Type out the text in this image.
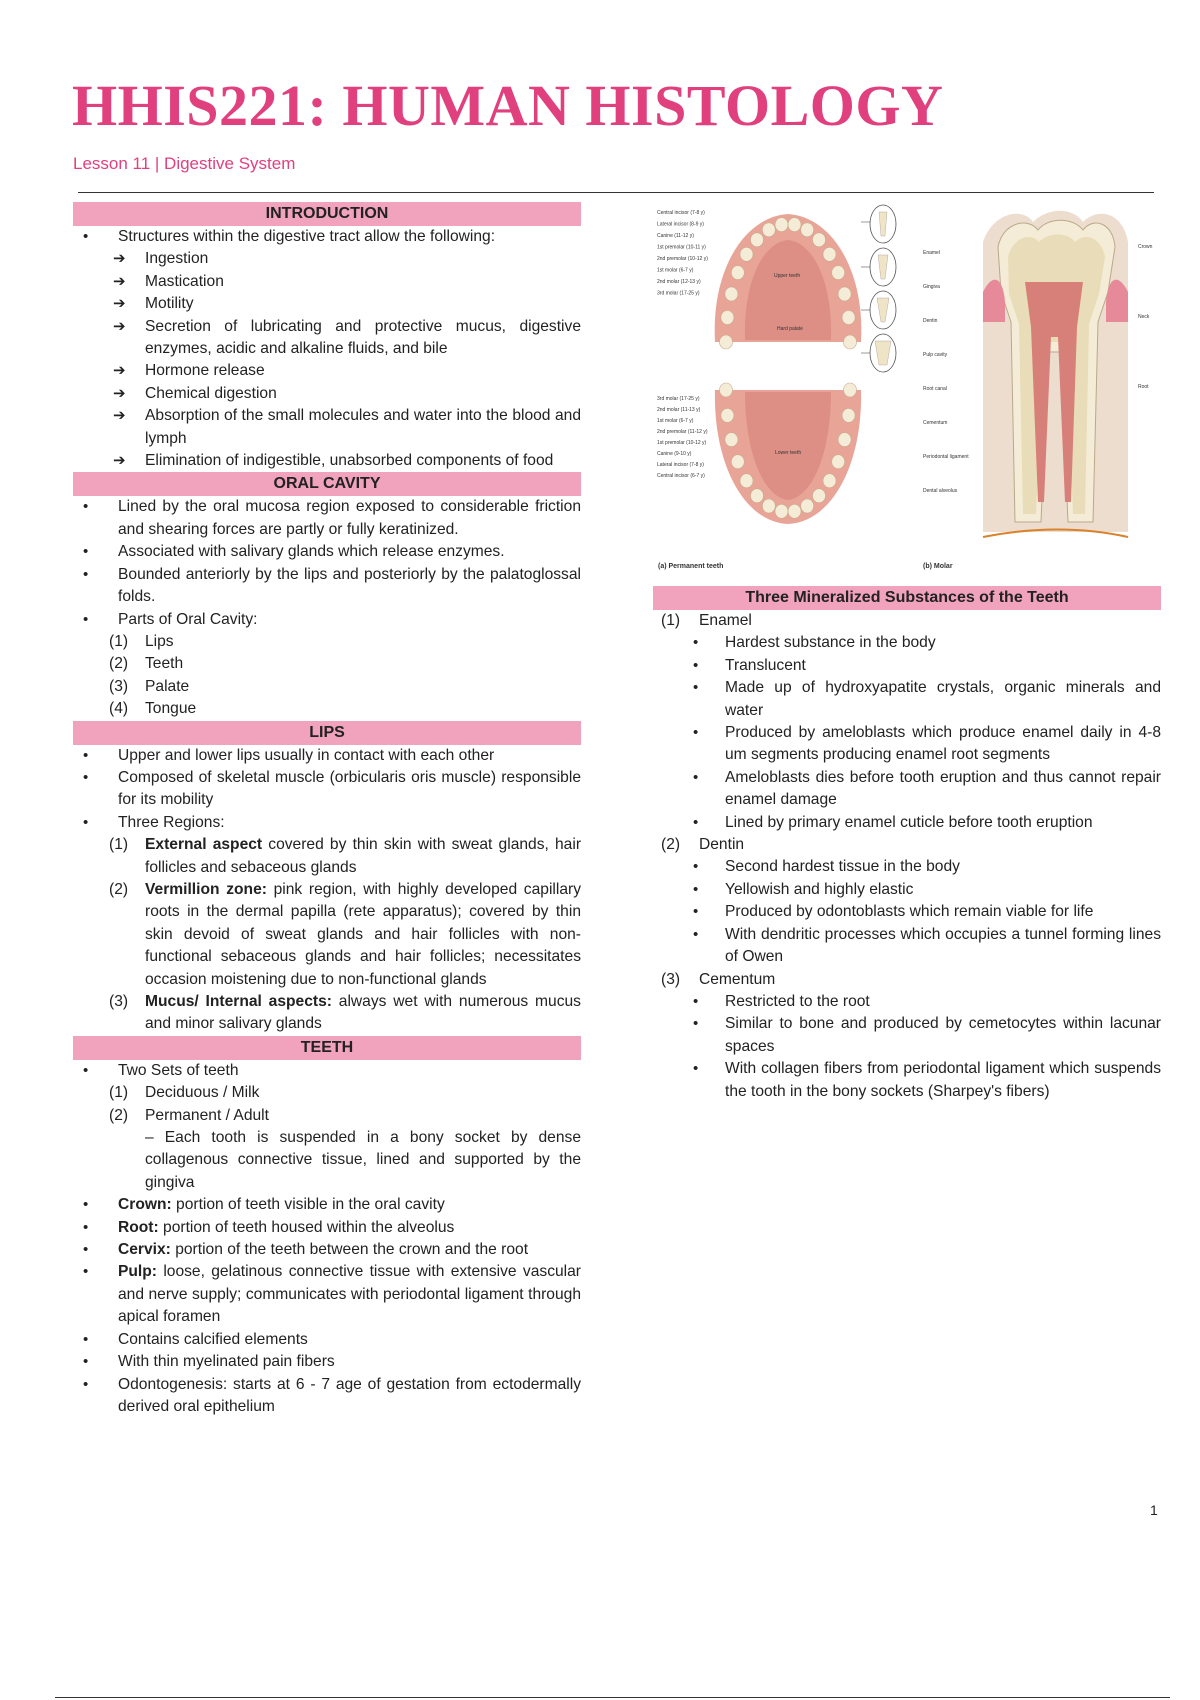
HHIS221: HUMAN HISTOLOGY
Lesson 11 | Digestive System
INTRODUCTION
• Structures within the digestive tract allow the following:
➔ Ingestion
➔ Mastication
➔ Motility
➔ Secretion of lubricating and protective mucus, digestive enzymes, acidic and alkaline fluids, and bile
➔ Hormone release
➔ Chemical digestion
➔ Absorption of the small molecules and water into the blood and lymph
➔ Elimination of indigestible, unabsorbed components of food
ORAL CAVITY
• Lined by the oral mucosa region exposed to considerable friction and shearing forces are partly or fully keratinized.
• Associated with salivary glands which release enzymes.
• Bounded anteriorly by the lips and posteriorly by the palatoglossal folds.
• Parts of Oral Cavity:
(1) Lips
(2) Teeth
(3) Palate
(4) Tongue
LIPS
• Upper and lower lips usually in contact with each other
• Composed of skeletal muscle (orbicularis oris muscle) responsible for its mobility
• Three Regions:
(1) External aspect covered by thin skin with sweat glands, hair follicles and sebaceous glands
(2) Vermillion zone: pink region, with highly developed capillary roots in the dermal papilla (rete apparatus); covered by thin skin devoid of sweat glands and hair follicles with non-functional sebaceous glands and hair follicles; necessitates occasion moistening due to non-functional glands
(3) Mucus/ Internal aspects: always wet with numerous mucus and minor salivary glands
TEETH
• Two Sets of teeth
(1) Deciduous / Milk
(2) Permanent / Adult
– Each tooth is suspended in a bony socket by dense collagenous connective tissue, lined and supported by the gingiva
• Crown: portion of teeth visible in the oral cavity
• Root: portion of teeth housed within the alveolus
• Cervix: portion of the teeth between the crown and the root
• Pulp: loose, gelatinous connective tissue with extensive vascular and nerve supply; communicates with periodontal ligament through apical foramen
• Contains calcified elements
• With thin myelinated pain fibers
• Odontogenesis: starts at 6 - 7 age of gestation from ectodermally derived oral epithelium
Upper teeth
Hard palate
Lower teeth
Central incisor (7-8 y)
Lateral incisor (8-9 y)
Canine (11-12 y)
1st premolar (10-11 y)
2nd premolar (10-12 y)
1st molar (6-7 y)
2nd molar (12-13 y)
3rd molar (17-25 y)
3rd molar (17-25 y)
2nd molar (11-13 y)
1st molar (6-7 y)
2nd premolar (11-12 y)
1st premolar (10-12 y)
Canine (9-10 y)
Lateral incisor (7-8 y)
Central incisor (6-7 y)
Enamel
Gingiva
Dentin
Pulp cavity
Root canal
Cementum
Periodontal ligament
Dental alveolus
Crown
Neck
Root
(a) Permanent teeth	(b) Molar
Three Mineralized Substances of the Teeth
(1) Enamel
• Hardest substance in the body
• Translucent
• Made up of hydroxyapatite crystals, organic minerals and water
• Produced by ameloblasts which produce enamel daily in 4-8 um segments producing enamel root segments
• Ameloblasts dies before tooth eruption and thus cannot repair enamel damage
• Lined by primary enamel cuticle before tooth eruption
(2) Dentin
• Second hardest tissue in the body
• Yellowish and highly elastic
• Produced by odontoblasts which remain viable for life
• With dendritic processes which occupies a tunnel forming lines of Owen
(3) Cementum
• Restricted to the root
• Similar to bone and produced by cemetocytes within lacunar spaces
• With collagen fibers from periodontal ligament which suspends the tooth in the bony sockets (Sharpey's fibers)
1
